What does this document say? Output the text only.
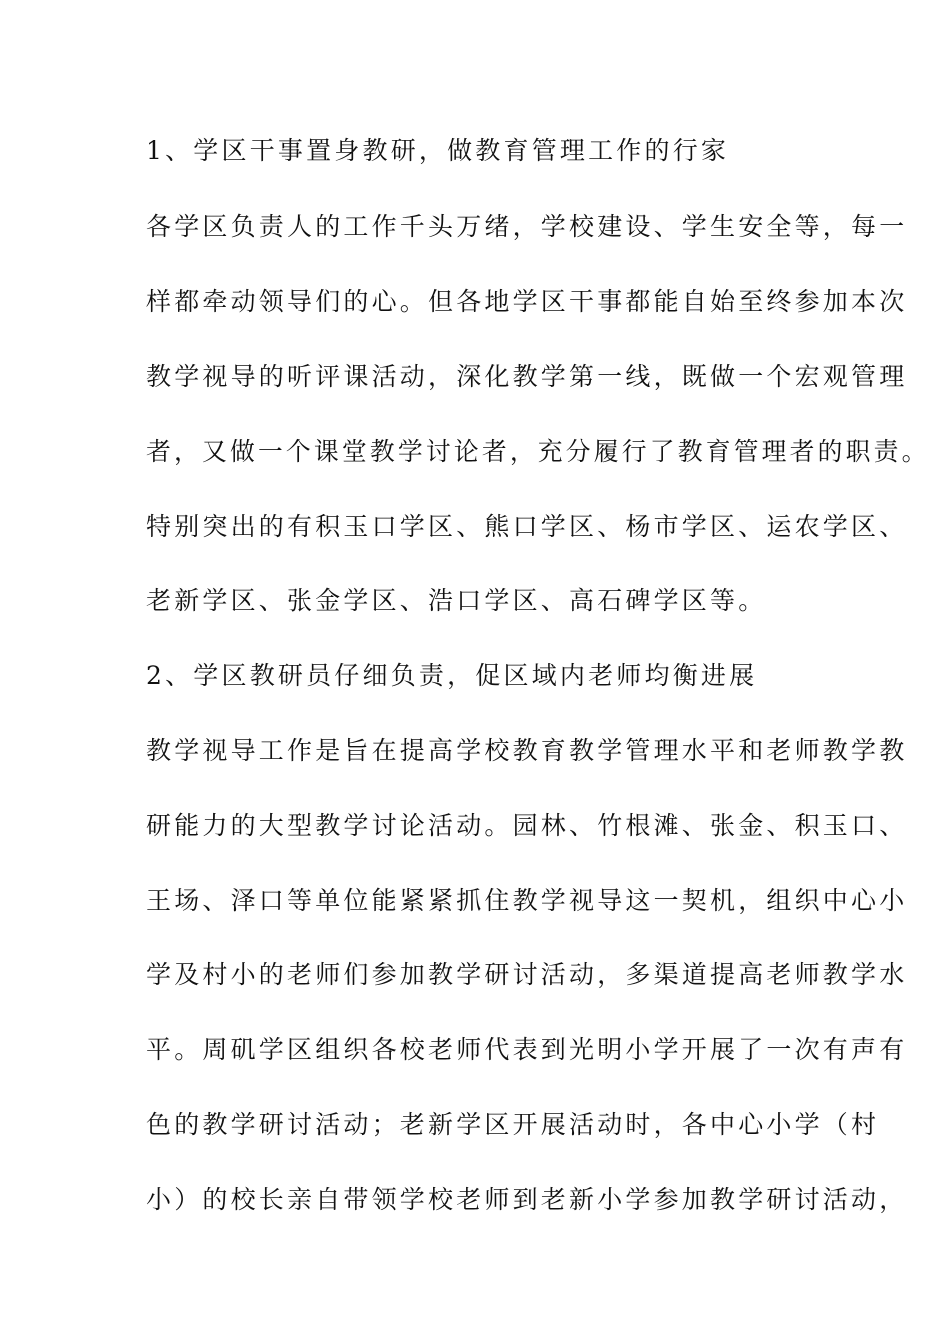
1、学区干事置身教研，做教育管理工作的行家

各学区负责人的工作千头万绪，学校建设、学生安全等，每一

样都牵动领导们的心。但各地学区干事都能自始至终参加本次

教学视导的听评课活动，深化教学第一线，既做一个宏观管理

者，又做一个课堂教学讨论者，充分履行了教育管理者的职责。

特别突出的有积玉口学区、熊口学区、杨市学区、运农学区、

老新学区、张金学区、浩口学区、高石碑学区等。

2、学区教研员仔细负责，促区域内老师均衡进展

教学视导工作是旨在提高学校教育教学管理水平和老师教学教

研能力的大型教学讨论活动。园林、竹根滩、张金、积玉口、

王场、泽口等单位能紧紧抓住教学视导这一契机，组织中心小

学及村小的老师们参加教学研讨活动，多渠道提高老师教学水

平。周矶学区组织各校老师代表到光明小学开展了一次有声有

色的教学研讨活动；老新学区开展活动时，各中心小学（村

小）的校长亲自带领学校老师到老新小学参加教学研讨活动，
